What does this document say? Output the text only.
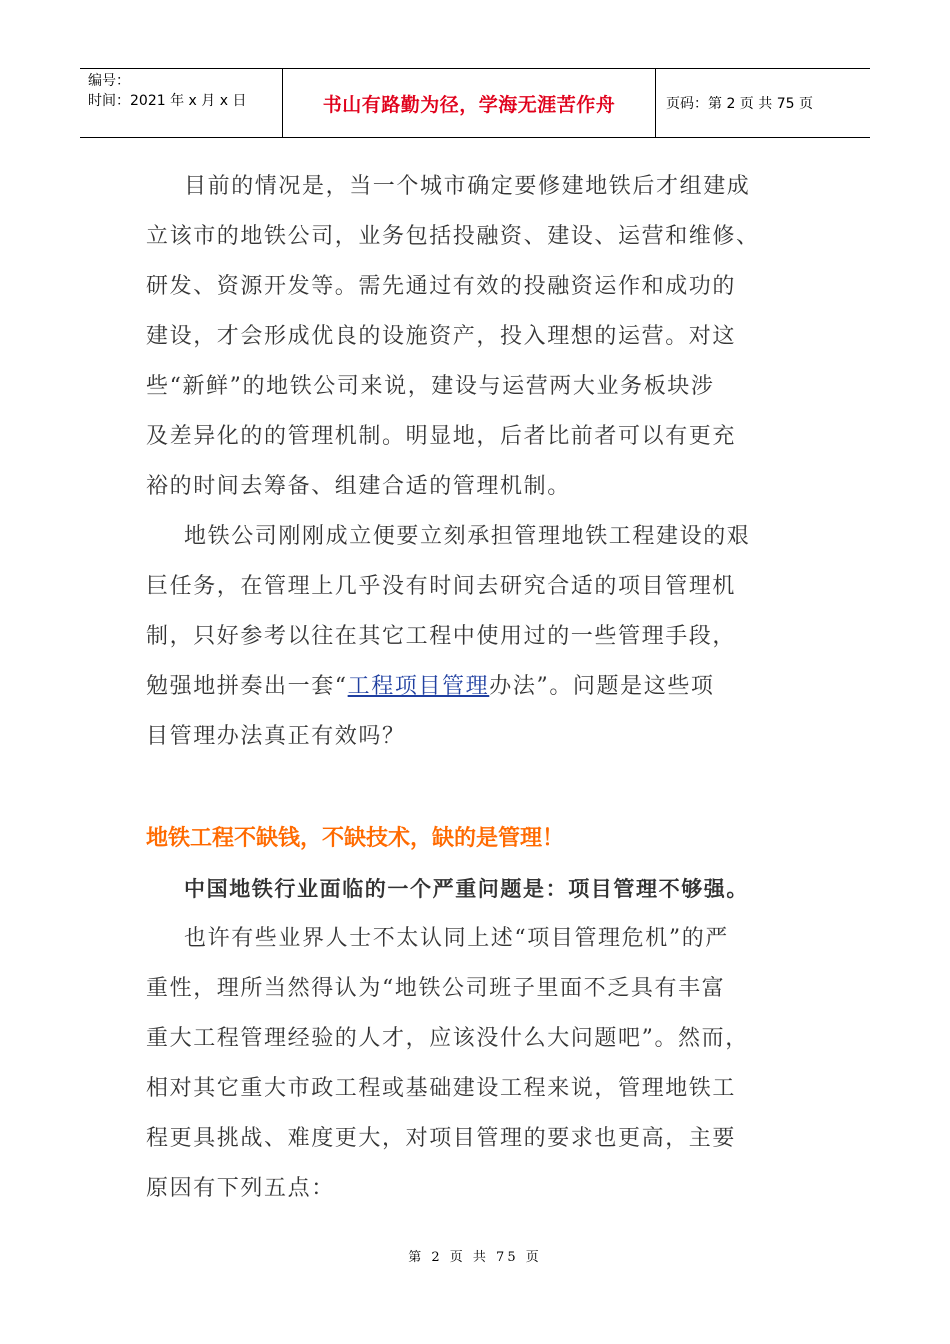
编号：
时间：2021 年 x 月 x 日	书山有路勤为径，学海无涯苦作舟	页码：第 2 页 共 75 页

目前的情况是，当一个城市确定要修建地铁后才组建成

立该市的地铁公司，业务包括投融资、建设、运营和维修、

研发、资源开发等。需先通过有效的投融资运作和成功的

建设，才会形成优良的设施资产，投入理想的运营。对这

些“新鲜”的地铁公司来说，建设与运营两大业务板块涉

及差异化的的管理机制。明显地，后者比前者可以有更充

裕的时间去筹备、组建合适的管理机制。

地铁公司刚刚成立便要立刻承担管理地铁工程建设的艰

巨任务，在管理上几乎没有时间去研究合适的项目管理机

制，只好参考以往在其它工程中使用过的一些管理手段，

勉强地拼奏出一套“工程项目管理办法”。问题是这些项

目管理办法真正有效吗？

地铁工程不缺钱，不缺技术，缺的是管理！

中国地铁行业面临的一个严重问题是：项目管理不够强。

也许有些业界人士不太认同上述“项目管理危机”的严

重性，理所当然得认为“地铁公司班子里面不乏具有丰富

重大工程管理经验的人才，应该没什么大问题吧”。然而，

相对其它重大市政工程或基础建设工程来说，管理地铁工

程更具挑战、难度更大，对项目管理的要求也更高，主要

原因有下列五点：

第 2 页 共 75 页
